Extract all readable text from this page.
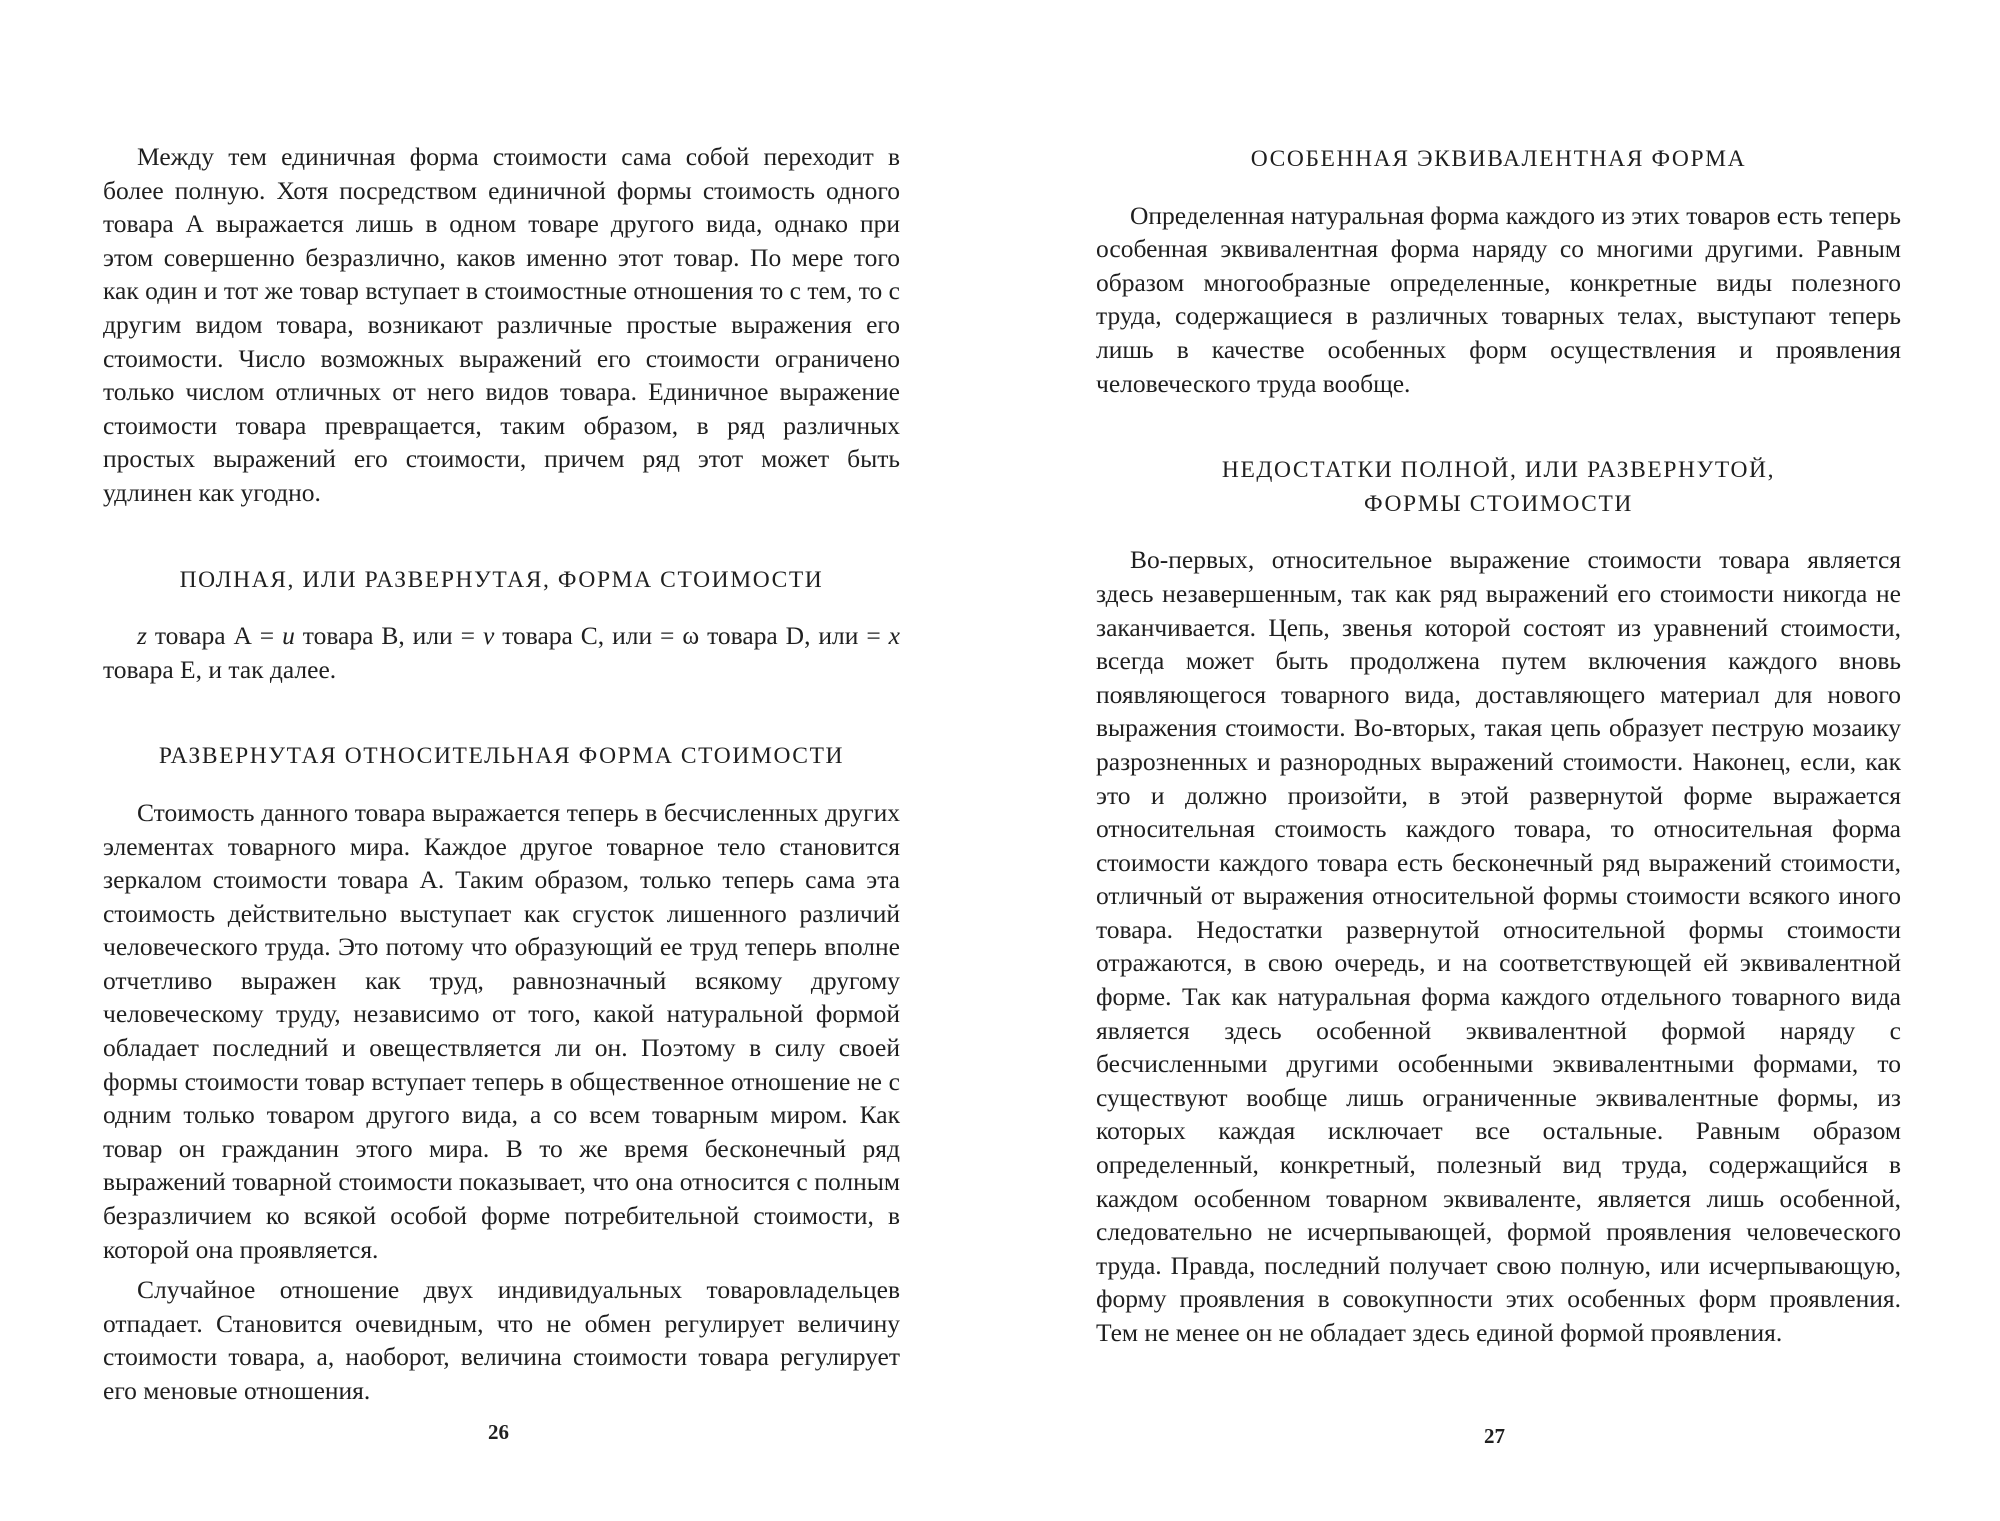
Между тем единичная форма стоимости сама собой переходит в более полную. Хотя посредством единичной формы стоимость одного товара А выражается лишь в одном товаре другого вида, однако при этом совершенно безразлично, каков именно этот товар. По мере того как один и тот же товар вступает в стоимостные отношения то с тем, то с другим видом товара, возникают различные простые выражения его стоимости. Число возможных выражений его стоимости ограничено только числом отличных от него видов товара. Единичное выражение стоимости товара превращается, таким образом, в ряд различных простых выражений его стоимости, причем ряд этот может быть удлинен как угодно.

ПОЛНАЯ, ИЛИ РАЗВЕРНУТАЯ, ФОРМА СТОИМОСТИ

z товара А = u товара В, или = v товара С, или = ω товара D, или = x товара Е, и так далее.

РАЗВЕРНУТАЯ ОТНОСИТЕЛЬНАЯ ФОРМА СТОИМОСТИ

Стоимость данного товара выражается теперь в бесчисленных других элементах товарного мира. Каждое другое товарное тело становится зеркалом стоимости товара А. Таким образом, только теперь сама эта стоимость действительно выступает как сгусток лишенного различий человеческого труда. Это потому что образующий ее труд теперь вполне отчетливо выражен как труд, равнозначный всякому другому человеческому труду, независимо от того, какой натуральной формой обладает последний и овеществляется ли он. Поэтому в силу своей формы стоимости товар вступает теперь в общественное отношение не с одним только товаром другого вида, а со всем товарным миром. Как товар он гражданин этого мира. В то же время бесконечный ряд выражений товарной стоимости показывает, что она относится с полным безразличием ко всякой особой форме потребительной стоимости, в которой она проявляется.

Случайное отношение двух индивидуальных товаровладельцев отпадает. Становится очевидным, что не обмен регулирует величину стоимости товара, а, наоборот, величина стоимости товара регулирует его меновые отношения.

26

ОСОБЕННАЯ ЭКВИВАЛЕНТНАЯ ФОРМА

Определенная натуральная форма каждого из этих товаров есть теперь особенная эквивалентная форма наряду со многими другими. Равным образом многообразные определенные, конкретные виды полезного труда, содержащиеся в различных товарных телах, выступают теперь лишь в качестве особенных форм осуществления и проявления человеческого труда вообще.

НЕДОСТАТКИ ПОЛНОЙ, ИЛИ РАЗВЕРНУТОЙ,

ФОРМЫ СТОИМОСТИ

Во-первых, относительное выражение стоимости товара является здесь незавершенным, так как ряд выражений его стоимости никогда не заканчивается. Цепь, звенья которой состоят из уравнений стоимости, всегда может быть продолжена путем включения каждого вновь появляющегося товарного вида, доставляющего материал для нового выражения стоимости. Во-вторых, такая цепь образует пеструю мозаику разрозненных и разнородных выражений стоимости. Наконец, если, как это и должно произойти, в этой развернутой форме выражается относительная стоимость каждого товара, то относительная форма стоимости каждого товара есть бесконечный ряд выражений стоимости, отличный от выражения относительной формы стоимости всякого иного товара. Недостатки развернутой относительной формы стоимости отражаются, в свою очередь, и на соответствующей ей эквивалентной форме. Так как натуральная форма каждого отдельного товарного вида является здесь особенной эквивалентной формой наряду с бесчисленными другими особенными эквивалентными формами, то существуют вообще лишь ограниченные эквивалентные формы, из которых каждая исключает все остальные. Равным образом определенный, конкретный, полезный вид труда, содержащийся в каждом особенном товарном эквиваленте, является лишь особенной, следовательно не исчерпывающей, формой проявления человеческого труда. Правда, последний получает свою полную, или исчерпывающую, форму проявления в совокупности этих особенных форм проявления. Тем не менее он не обладает здесь единой формой проявления.

27
